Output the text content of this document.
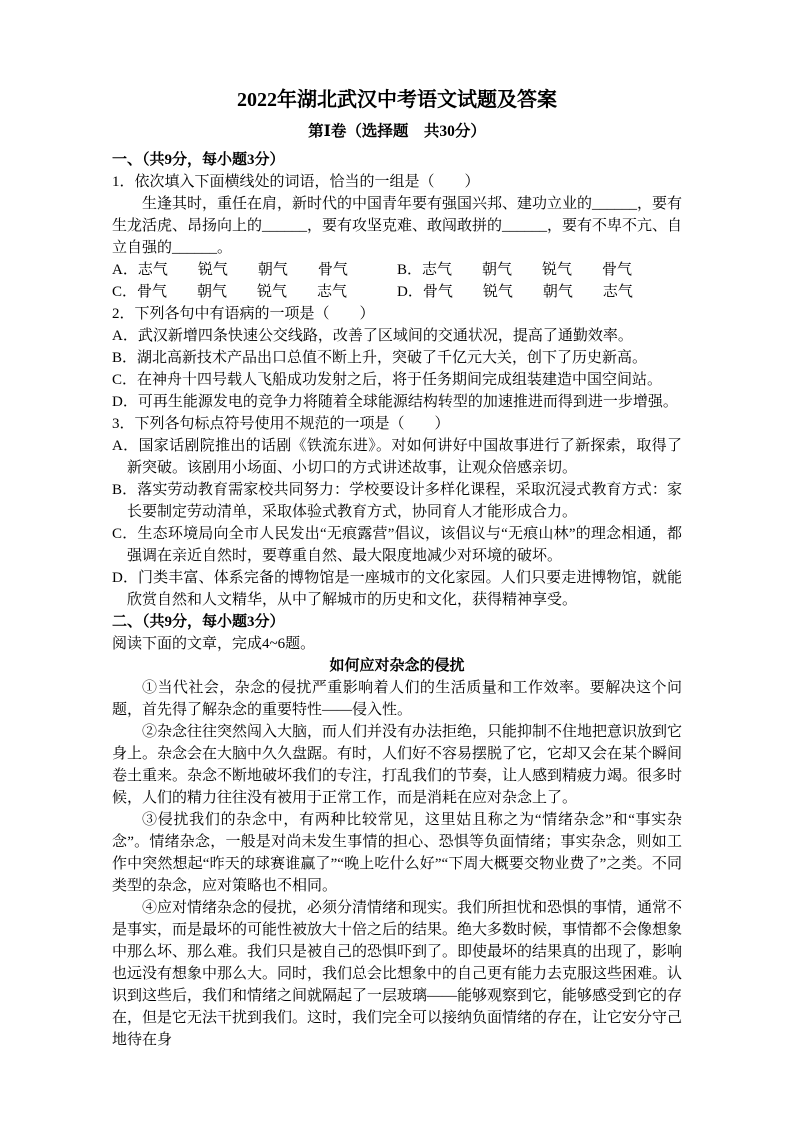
2022年湖北武汉中考语文试题及答案
第Ⅰ卷（选择题　共30分）

一、（共9分，每小题3分）

1．依次填入下面横线处的词语，恰当的一组是（　　）

生逢其时，重任在肩，新时代的中国青年要有强国兴邦、建功立业的______，要有生龙活虎、昂扬向上的______，要有攻坚克难、敢闯敢拼的______，要有不卑不亢、自立自强的______。

A．志气　　锐气　　朝气　　骨气	B．志气　　朝气　　锐气　　骨气
C．骨气　　朝气　　锐气　　志气	D．骨气　　锐气　　朝气　　志气

2．下列各句中有语病的一项是（　　）

A．武汉新增四条快速公交线路，改善了区域间的交通状况，提高了通勤效率。

B．湖北高新技术产品出口总值不断上升，突破了千亿元大关，创下了历史新高。

C．在神舟十四号载人飞船成功发射之后，将于任务期间完成组装建造中国空间站。

D．可再生能源发电的竞争力将随着全球能源结构转型的加速推进而得到进一步增强。

3．下列各句标点符号使用不规范的一项是（　　）

A．国家话剧院推出的话剧《铁流东进》。对如何讲好中国故事进行了新探索，取得了新突破。该剧用小场面、小切口的方式讲述故事，让观众倍感亲切。

B．落实劳动教育需家校共同努力：学校要设计多样化课程，采取沉浸式教育方式：家长要制定劳动清单，采取体验式教育方式，协同育人才能形成合力。

C．生态环境局向全市人民发出“无痕露营”倡议，该倡议与“无痕山林”的理念相通，都强调在亲近自然时，要尊重自然、最大限度地减少对环境的破坏。

D．门类丰富、体系完备的博物馆是一座城市的文化家园。人们只要走进博物馆，就能欣赏自然和人文精华，从中了解城市的历史和文化，获得精神享受。

二、（共9分，每小题3分）

阅读下面的文章，完成4~6题。

如何应对杂念的侵扰

①当代社会，杂念的侵扰严重影响着人们的生活质量和工作效率。要解决这个问题，首先得了解杂念的重要特性——侵入性。

②杂念往往突然闯入大脑，而人们并没有办法拒绝，只能抑制不住地把意识放到它身上。杂念会在大脑中久久盘踞。有时，人们好不容易摆脱了它，它却又会在某个瞬间卷土重来。杂念不断地破坏我们的专注，打乱我们的节奏，让人感到精疲力竭。很多时候，人们的精力往往没有被用于正常工作，而是消耗在应对杂念上了。

③侵扰我们的杂念中，有两种比较常见，这里姑且称之为“情绪杂念”和“事实杂念”。情绪杂念，一般是对尚未发生事情的担心、恐惧等负面情绪；事实杂念，则如工作中突然想起“昨天的球赛谁赢了”“晚上吃什么好”“下周大概要交物业费了”之类。不同类型的杂念，应对策略也不相同。

④应对情绪杂念的侵扰，必须分清情绪和现实。我们所担忧和恐惧的事情，通常不是事实，而是最坏的可能性被放大十倍之后的结果。绝大多数时候，事情都不会像想象中那么坏、那么难。我们只是被自己的恐惧吓到了。即使最坏的结果真的出现了，影响也远没有想象中那么大。同时，我们总会比想象中的自己更有能力去克服这些困难。认识到这些后，我们和情绪之间就隔起了一层玻璃——能够观察到它，能够感受到它的存在，但是它无法干扰到我们。这时，我们完全可以接纳负面情绪的存在，让它安分守己地待在身
